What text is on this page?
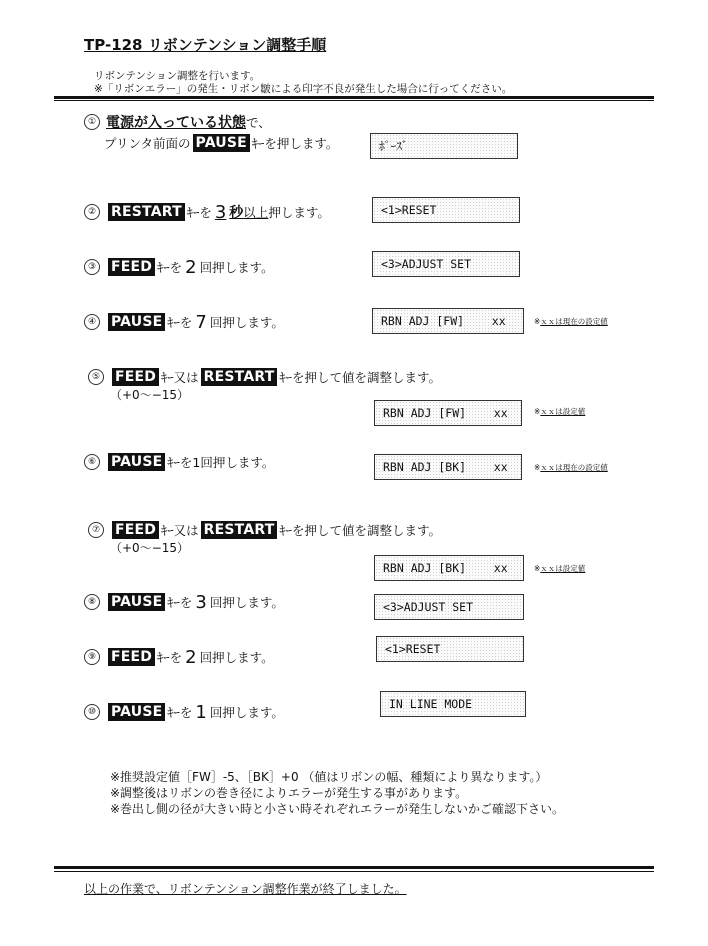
TP-128 リボンテンション調整手順
リボンテンション調整を行います。
※「リボンエラー」の発生・リボン皺による印字不良が発生した場合に行ってください。
① 電源が入っている状態 で、
プリンタ前面の PAUSE ｷｰを押します。	ﾎﾟｰｽﾞ
② RESTART ｷｰを 3 秒 以上 押します。	<1>RESET
③ FEED ｷｰを 2 回押します。	<3>ADJUST SET
④ PAUSE ｷｰを 7 回押します。	RBN ADJ [FW]    xx	※ｘｘは現在の設定値
⑤ FEED ｷｰ又は RESTART ｷｰを押して値を調整します。
（+0〜−15）
RBN ADJ [FW]    xx	※ｘｘは設定値
⑥ PAUSE ｷｰを 1 回押します。	RBN ADJ [BK]    xx	※ｘｘは現在の設定値
⑦ FEED ｷｰ又は RESTART ｷｰを押して値を調整します。
（+0〜−15）
RBN ADJ [BK]    xx	※ｘｘは設定値
⑧ PAUSE ｷｰを 3 回押します。	<3>ADJUST SET
⑨ FEED ｷｰを 2 回押します。
<1>RESET
⑩ PAUSE ｷｰを 1 回押します。
IN LINE MODE
※推奨設定値［FW］-5、［BK］+0 （値はリボンの幅、種類により異なります。）
※調整後はリボンの巻き径によりエラーが発生する事があります。
※巻出し側の径が大きい時と小さい時それぞれエラーが発生しないかご確認下さい。
以上の作業で、リボンテンション調整作業が終了しました。
